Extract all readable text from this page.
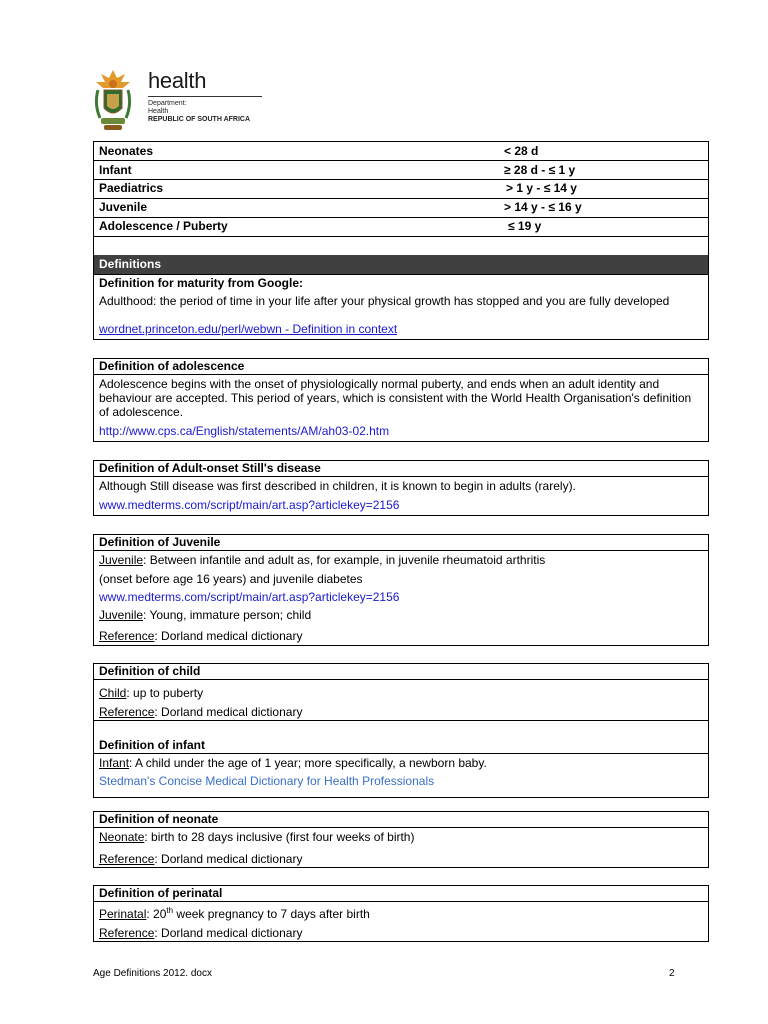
health
Department:
Health
REPUBLIC OF SOUTH AFRICA
Neonates	< 28 d
Infant	≥ 28 d - ≤ 1 y
Paediatrics	> 1 y - ≤ 14 y
Juvenile	> 14 y - ≤ 16 y
Adolescence / Puberty	≤ 19 y
Definitions
Definition for maturity from Google:
Adulthood: the period of time in your life after your physical growth has stopped and you are fully developed
wordnet.princeton.edu/perl/webwn - Definition in context
Definition of adolescence
Adolescence begins with the onset of physiologically normal puberty, and ends when an adult identity and behaviour are accepted. This period of years, which is consistent with the World Health Organisation's definition of adolescence.
http://www.cps.ca/English/statements/AM/ah03-02.htm
Definition of Adult-onset Still's disease
Although Still disease was first described in children, it is known to begin in adults (rarely).
www.medterms.com/script/main/art.asp?articlekey=2156
Definition of Juvenile
Juvenile: Between infantile and adult as, for example, in juvenile rheumatoid arthritis
(onset before age 16 years) and juvenile diabetes
www.medterms.com/script/main/art.asp?articlekey=2156
Juvenile: Young, immature person; child
Reference: Dorland medical dictionary
Definition of child
Child: up to puberty
Reference: Dorland medical dictionary
Definition of infant
Infant: A child under the age of 1 year; more specifically, a newborn baby.
Stedman's Concise Medical Dictionary for Health Professionals
Definition of neonate
Neonate: birth to 28 days inclusive (first four weeks of birth)
Reference: Dorland medical dictionary
Definition of perinatal
Perinatal: 20th week pregnancy to 7 days after birth
Reference: Dorland medical dictionary
Age Definitions 2012. docx	2
